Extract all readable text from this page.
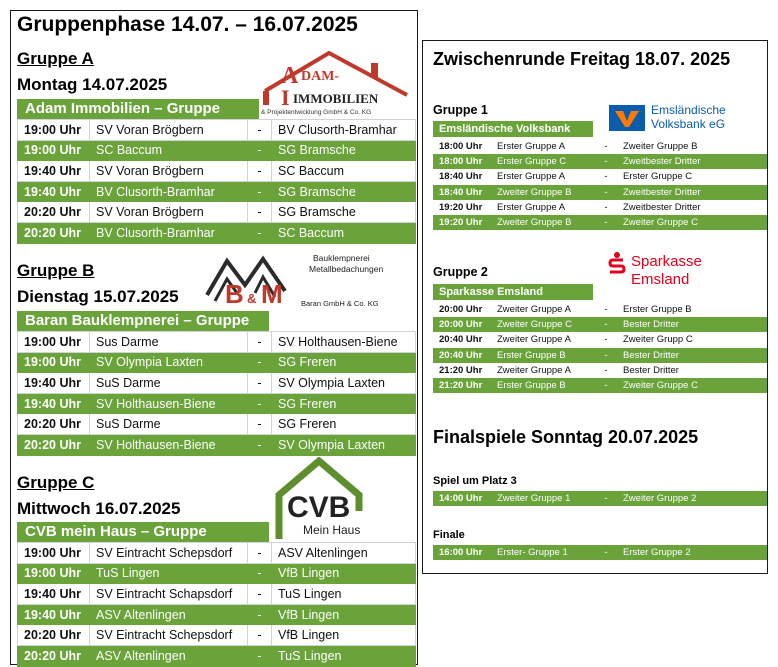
Gruppenphase 14.07. – 16.07.2025
Gruppe A
Montag 14.07.2025
Adam Immobilien – Gruppe
A DAM-
I IMMOBILIEN
& Projektentwicklung GmbH & Co. KG
19:00 Uhr	SV Voran Brögbern	-	BV Clusorth-Bramhar
19:00 Uhr	SC Baccum	-	SG Bramsche
19:40 Uhr	SV Voran Brögbern	-	SC Baccum
19:40 Uhr	BV Clusorth-Bramhar	-	SG Bramsche
20:20 Uhr	SV Voran Brögbern	-	SG Bramsche
20:20 Uhr	BV Clusorth-Bramhar	-	SC Baccum
Gruppe B
Dienstag 15.07.2025
Baran Bauklempnerei – Gruppe
B & M
Bauklempnerei
Metallbedachungen
Baran GmbH & Co. KG
19:00 Uhr	Sus Darme	-	SV Holthausen-Biene
19:00 Uhr	SV Olympia Laxten	-	SG Freren
19:40 Uhr	SuS Darme	-	SV Olympia Laxten
19:40 Uhr	SV Holthausen-Biene	-	SG Freren
20:20 Uhr	SuS Darme	-	SG Freren
20:20 Uhr	SV Holthausen-Biene	-	SV Olympia Laxten
Gruppe C
Mittwoch 16.07.2025
CVB mein Haus – Gruppe
CVB
Mein Haus
19:00 Uhr	SV Eintracht Schepsdorf	-	ASV Altenlingen
19:00 Uhr	TuS Lingen	-	VfB Lingen
19:40 Uhr	SV Eintracht Schapsdorf	-	TuS Lingen
19:40 Uhr	ASV Altenlingen	-	VfB Lingen
20:20 Uhr	SV Eintracht Schepsdorf	-	VfB Lingen
20:20 Uhr	ASV Altenlingen	-	TuS Lingen
Zwischenrunde Freitag 18.07. 2025
Gruppe 1
Emsländische Volksbank
Emsländische
Volksbank eG
18:00 Uhr	Erster Gruppe A	-	Zweiter Gruppe B
18:00 Uhr	Erster Gruppe C	-	Zweitbester Dritter
18:40 Uhr	Erster Gruppe A	-	Erster Gruppe C
18:40 Uhr	Zweiter Gruppe B	-	Zweitbester Dritter
19:20 Uhr	Erster Gruppe A	-	Zweitbester Dritter
19:20 Uhr	Zweiter Gruppe B	-	Zweiter Gruppe C
Gruppe 2
Sparkasse Emsland
Sparkasse
Emsland
20:00 Uhr	Zweiter Gruppe A	-	Erster Gruppe B
20:00 Uhr	Zweiter Gruppe C	-	Bester Dritter
20:40 Uhr	Zweiter Gruppe A	-	Zweiter Grupp C
20:40 Uhr	Erster Gruppe B	-	Bester Dritter
21:20 Uhr	Zweiter Gruppe A	-	Bester Dritter
21:20 Uhr	Erster Gruppe B	-	Zweiter Gruppe C
Finalspiele Sonntag 20.07.2025
Spiel um Platz 3
14:00 Uhr	Zweiter Gruppe 1	-	Zweiter Gruppe 2
Finale
16:00 Uhr	Erster- Gruppe 1	-	Erster Gruppe 2
